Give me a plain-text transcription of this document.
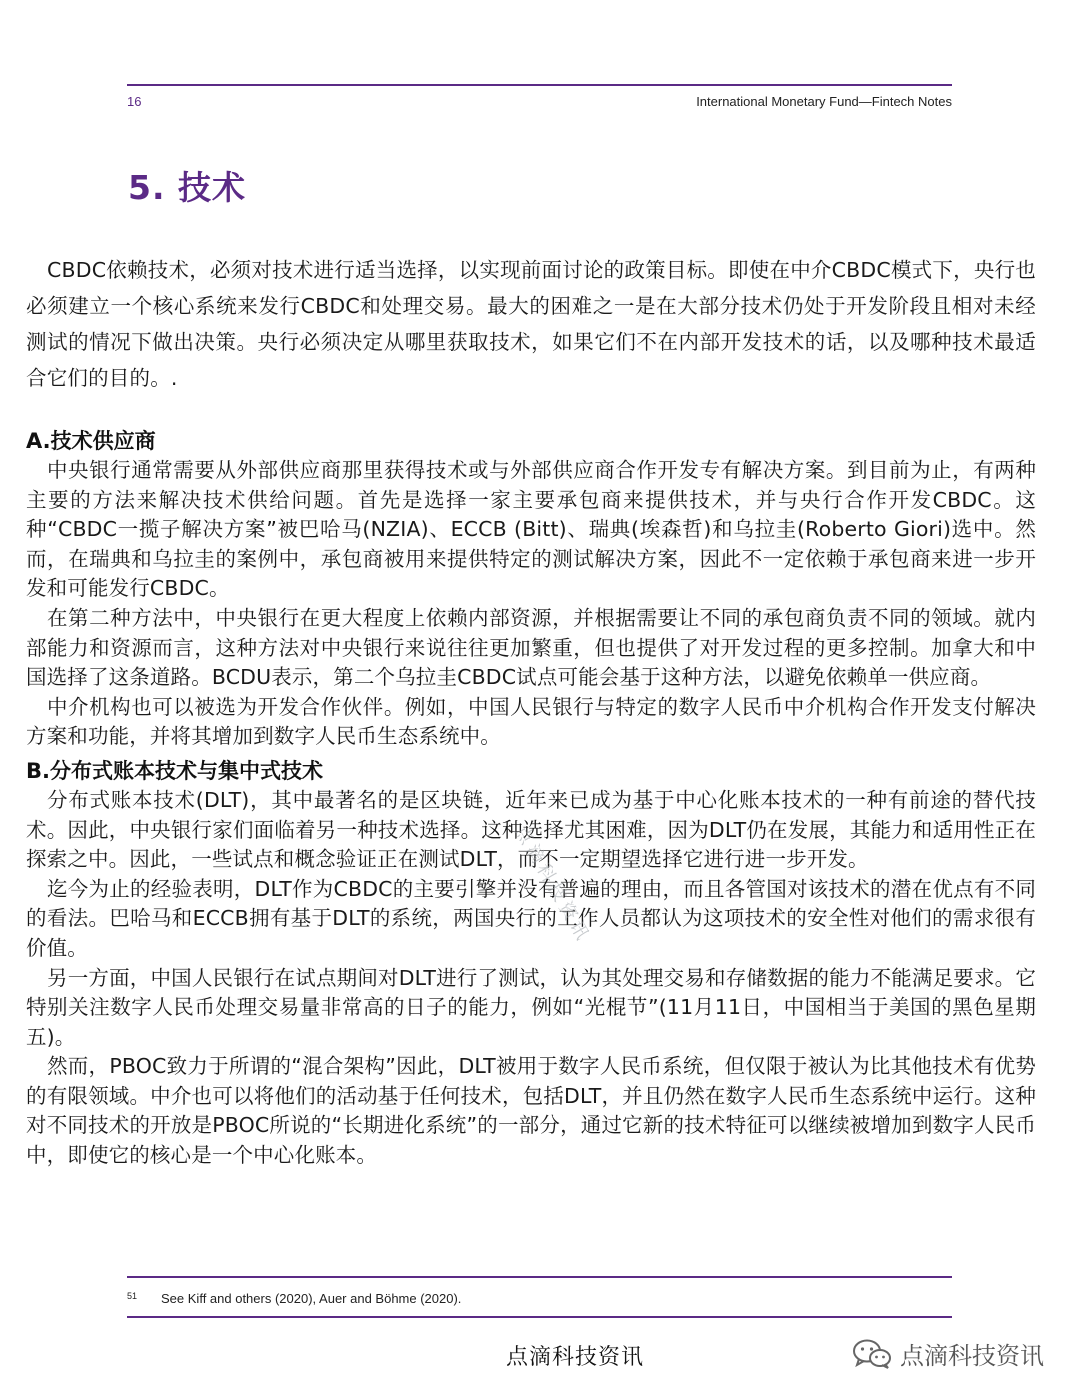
16	International Monetary Fund—Fintech Notes
5. 技术

CBDC依赖技术，必须对技术进行适当选择，以实现前面讨论的政策目标。即使在中介CBDC模式下，央行也必须建立一个核心系统来发行CBDC和处理交易。最大的困难之一是在大部分技术仍处于开发阶段且相对未经测试的情况下做出决策。央行必须决定从哪里获取技术，如果它们不在内部开发技术的话，以及哪种技术最适合它们的目的。.

A.技术供应商

中央银行通常需要从外部供应商那里获得技术或与外部供应商合作开发专有解决方案。到目前为止，有两种主要的方法来解决技术供给问题。首先是选择一家主要承包商来提供技术，并与央行合作开发CBDC。这种“CBDC一揽子解决方案”被巴哈马(NZIA)、ECCB (Bitt)、瑞典(埃森哲)和乌拉圭(Roberto Giori)选中。然而，在瑞典和乌拉圭的案例中，承包商被用来提供特定的测试解决方案，因此不一定依赖于承包商来进一步开发和可能发行CBDC。

在第二种方法中，中央银行在更大程度上依赖内部资源，并根据需要让不同的承包商负责不同的领域。就内部能力和资源而言，这种方法对中央银行来说往往更加繁重，但也提供了对开发过程的更多控制。加拿大和中国选择了这条道路。BCDU表示，第二个乌拉圭CBDC试点可能会基于这种方法，以避免依赖单一供应商。

中介机构也可以被选为开发合作伙伴。例如，中国人民银行与特定的数字人民币中介机构合作开发支付解决方案和功能，并将其增加到数字人民币生态系统中。

B.分布式账本技术与集中式技术

分布式账本技术(DLT)，其中最著名的是区块链，近年来已成为基于中心化账本技术的一种有前途的替代技术。因此，中央银行家们面临着另一种技术选择。这种选择尤其困难，因为DLT仍在发展，其能力和适用性正在探索之中。因此，一些试点和概念验证正在测试DLT，而不一定期望选择它进行进一步开发。

迄今为止的经验表明，DLT作为CBDC的主要引擎并没有普遍的理由，而且各管国对该技术的潜在优点有不同的看法。巴哈马和ECCB拥有基于DLT的系统，两国央行的工作人员都认为这项技术的安全性对他们的需求很有价值。

另一方面，中国人民银行在试点期间对DLT进行了测试，认为其处理交易和存储数据的能力不能满足要求。它特别关注数字人民币处理交易量非常高的日子的能力，例如“光棍节”(11月11日，中国相当于美国的黑色星期五)。

然而，PBOC致力于所谓的“混合架构”因此，DLT被用于数字人民币系统，但仅限于被认为比其他技术有优势的有限领域。中介也可以将他们的活动基于任何技术，包括DLT，并且仍然在数字人民币生态系统中运行。这种对不同技术的开放是PBOC所说的“长期进化系统”的一部分，通过它新的技术特征可以继续被增加到数字人民币中，即使它的核心是一个中心化账本。

点滴科技资讯
$^{51}$ See Kiff and others (2020), Auer and Böhme (2020).
点滴科技资讯	点滴科技资讯
